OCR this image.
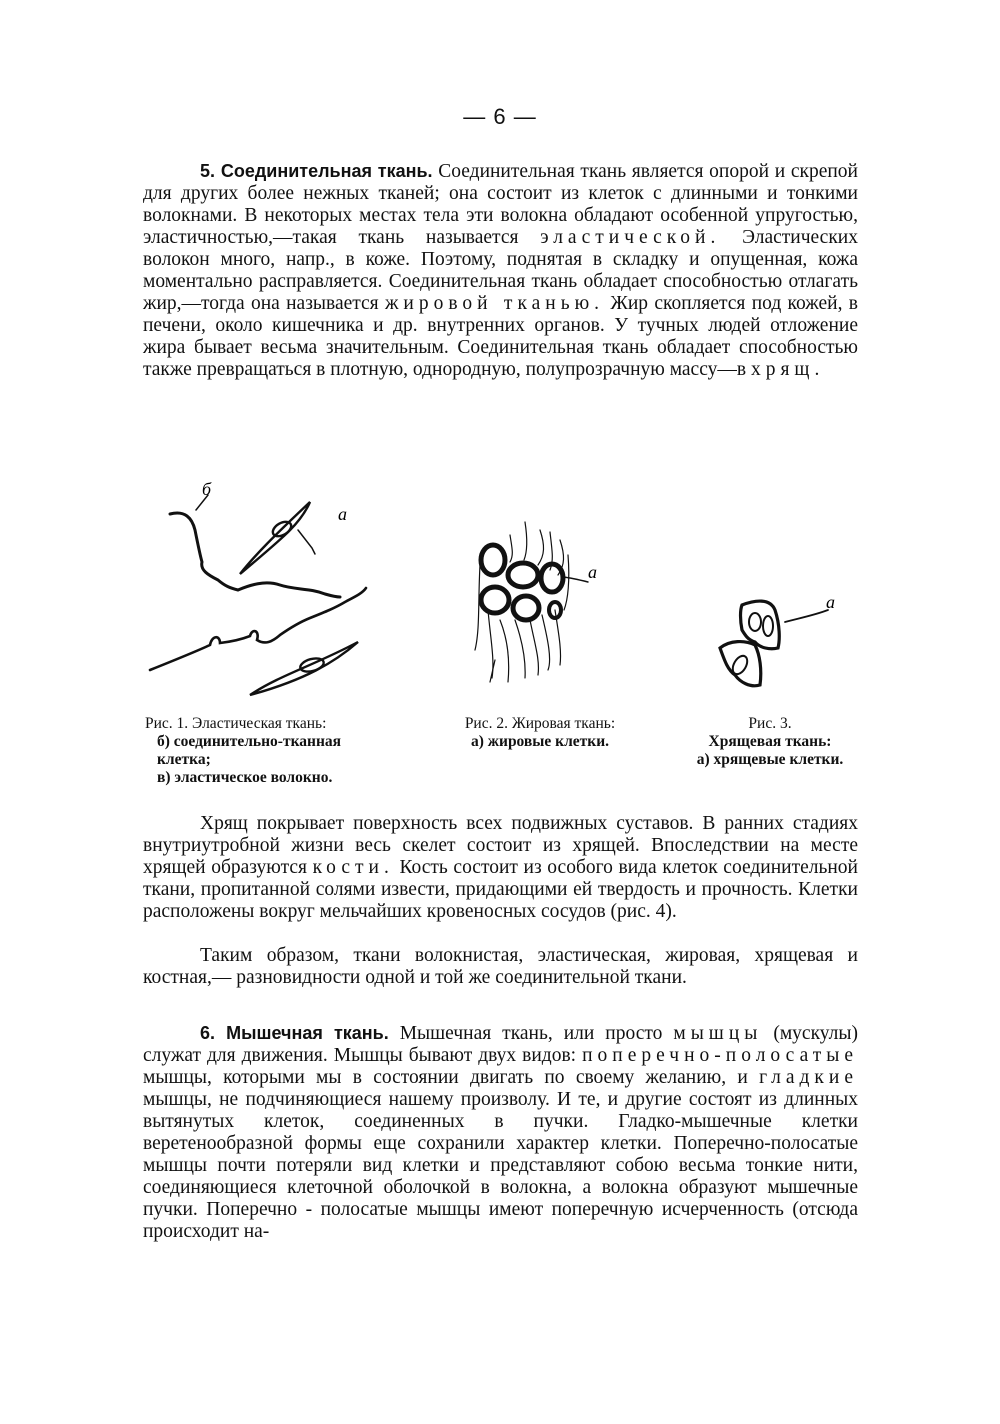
— 6 —
5. Соединительная ткань. Соединительная ткань является опорой и скрепой для других более нежных тканей; она состоит из клеток с длинными и тонкими волокнами. В некоторых местах тела эти волокна обладают особенной упругостью, эластичностью,—такая ткань называется эластической. Эластических волокон много, напр., в коже. Поэтому, поднятая в складку и опущенная, кожа моментально расправляется. Соединительная ткань обладает способностью отлагать жир,—тогда она называется жировой тканью. Жир скопляется под кожей, в печени, около кишечника и др. внутренних органов. У тучных людей отложение жира бывает весьма значительным. Соединительная ткань обладает способностью также превращаться в плотную, однородную, полупрозрачную массу—в хрящ.
б
а
а
а
Рис. 1. Эластическая ткань:
б) соединительно-тканная клетка;
в) эластическое волокно.
Рис. 2. Жировая ткань:
а) жировые клетки.
Рис. 3.
Хрящевая ткань:
а) хрящевые клетки.
Хрящ покрывает поверхность всех подвижных суставов. В ранних стадиях внутриутробной жизни весь скелет состоит из хрящей. Впоследствии на месте хрящей образуются кости. Кость состоит из особого вида клеток соединительной ткани, пропитанной солями извести, придающими ей твердость и прочность. Клетки расположены вокруг мельчайших кровеносных сосудов (рис. 4).
Таким образом, ткани волокнистая, эластическая, жировая, хрящевая и костная,— разновидности одной и той же соединительной ткани.
6. Мышечная ткань. Мышечная ткань, или просто мышцы (мускулы) служат для движения. Мышцы бывают двух видов: поперечно-полосатые мышцы, которыми мы в состоянии двигать по своему желанию, и гладкие мышцы, не подчиняющиеся нашему произволу. И те, и другие состоят из длинных вытянутых клеток, соединенных в пучки. Гладко-мышечные клетки веретенообразной формы еще сохранили характер клетки. Поперечно-полосатые мышцы почти потеряли вид клетки и представляют собою весьма тонкие нити, соединяющиеся клеточной оболочкой в волокна, а волокна образуют мышечные пучки. Поперечно - полосатые мышцы имеют поперечную исчерченность (отсюда происходит на-
